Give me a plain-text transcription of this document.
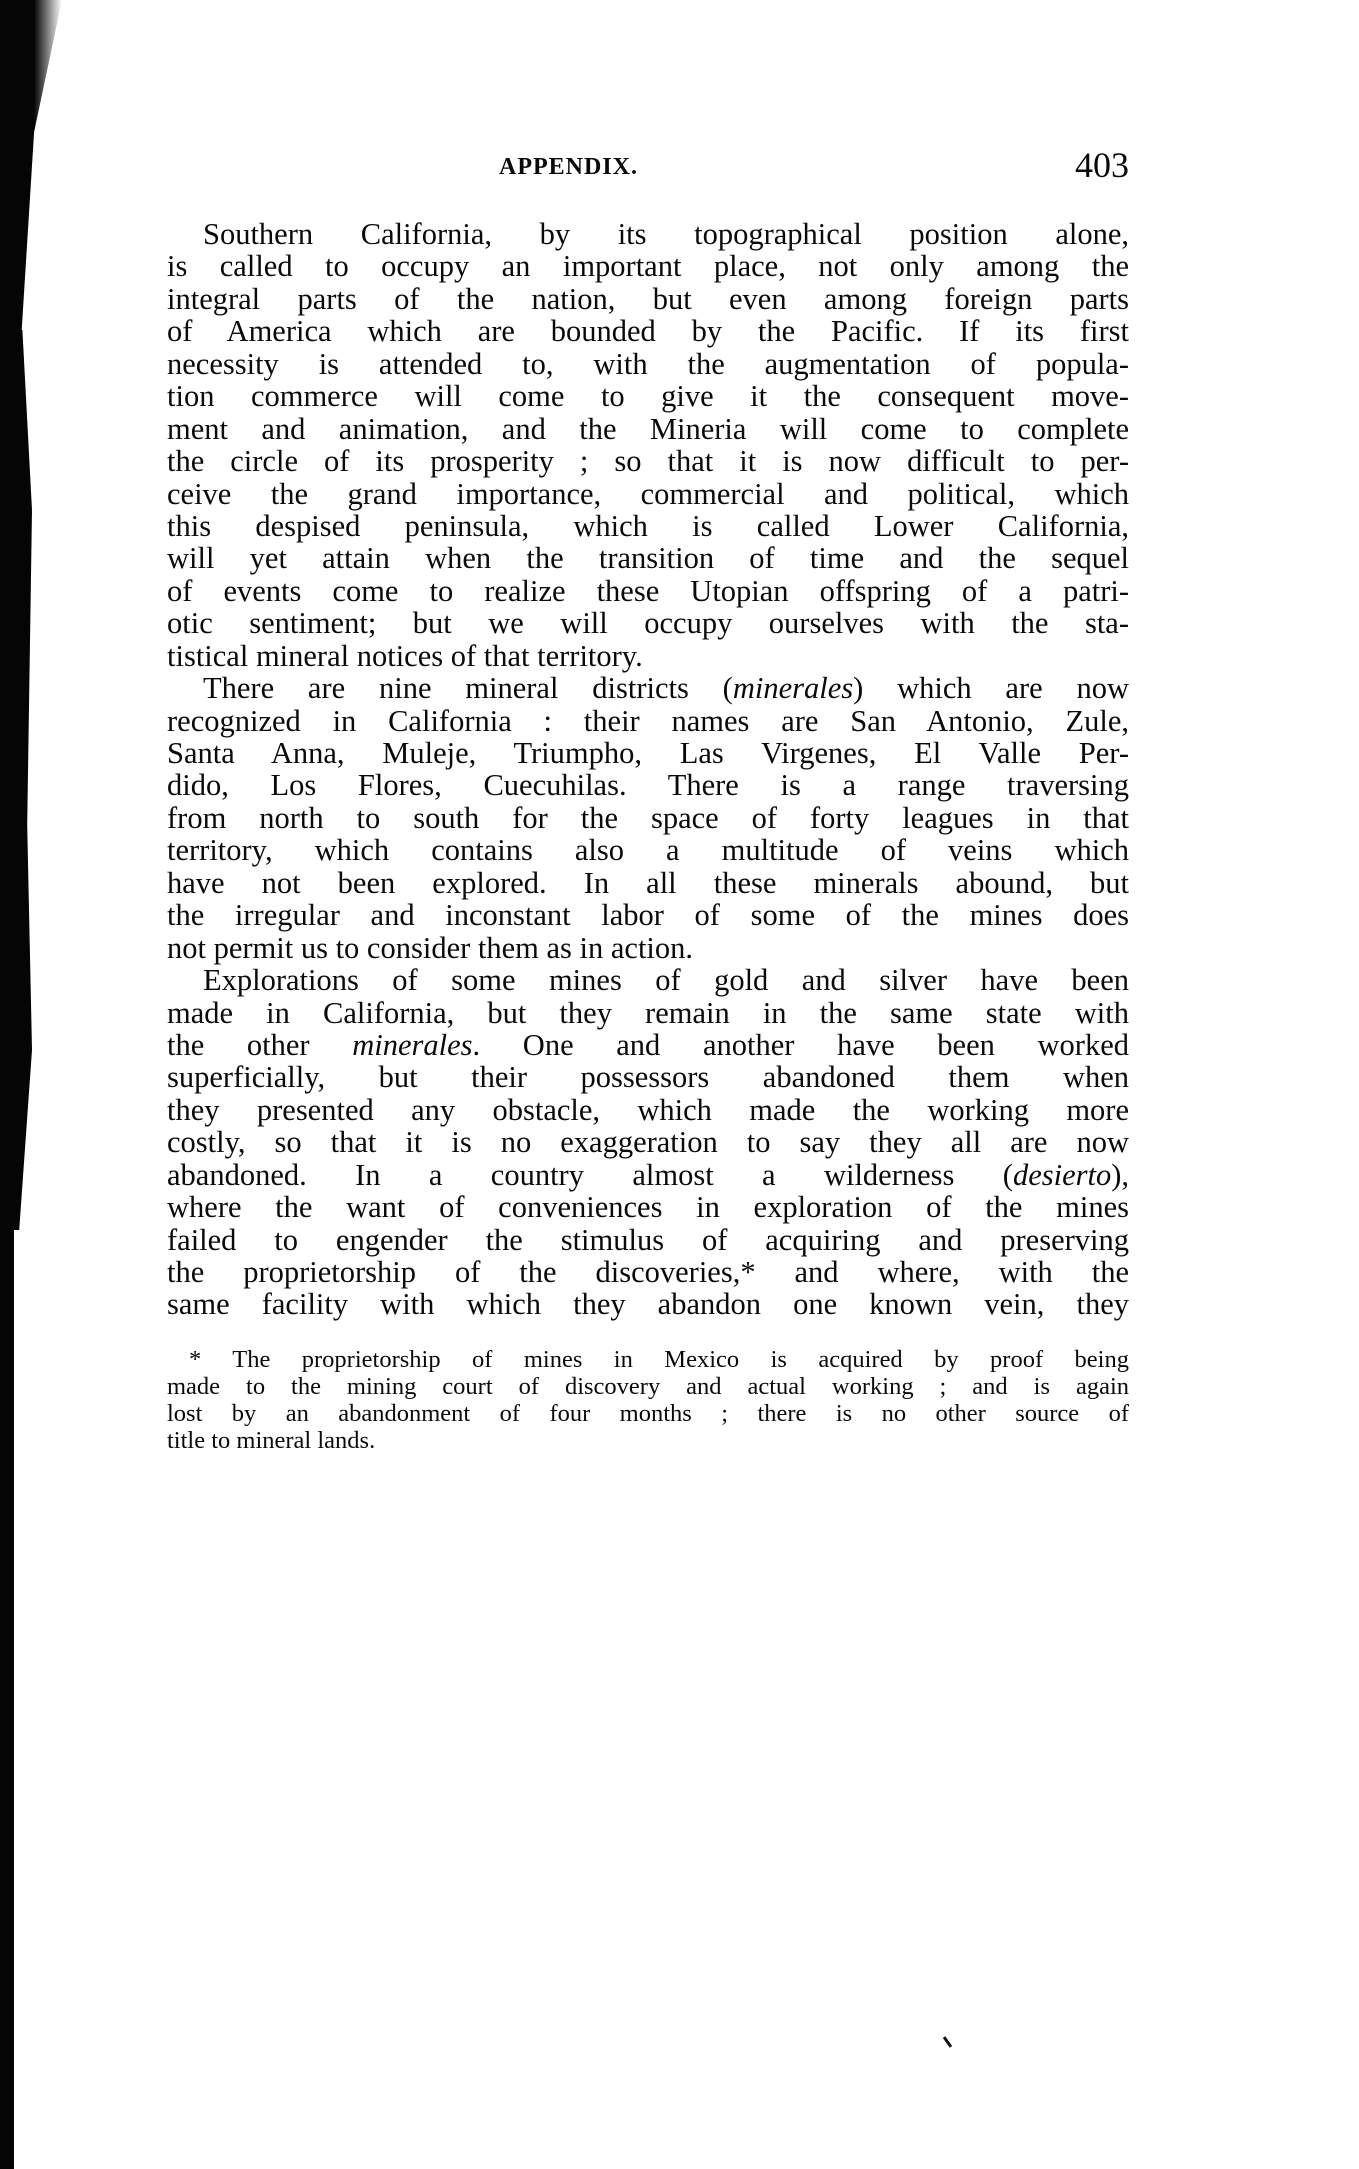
APPENDIX.	403
Southern California, by its topographical position alone,
is called to occupy an important place, not only among the
integral parts of the nation, but even among foreign parts
of America which are bounded by the Pacific. If its first
necessity is attended to, with the augmentation of popula-
tion commerce will come to give it the consequent move-
ment and animation, and the Mineria will come to complete
the circle of its prosperity ; so that it is now difficult to per-
ceive the grand importance, commercial and political, which
this despised peninsula, which is called Lower California,
will yet attain when the transition of time and the sequel
of events come to realize these Utopian offspring of a patri-
otic sentiment; but we will occupy ourselves with the sta-
tistical mineral notices of that territory.
There are nine mineral districts (minerales) which are now
recognized in California : their names are San Antonio, Zule,
Santa Anna, Muleje, Triumpho, Las Virgenes, El Valle Per-
dido, Los Flores, Cuecuhilas. There is a range traversing
from north to south for the space of forty leagues in that
territory, which contains also a multitude of veins which
have not been explored. In all these minerals abound, but
the irregular and inconstant labor of some of the mines does
not permit us to consider them as in action.
Explorations of some mines of gold and silver have been
made in California, but they remain in the same state with
the other minerales. One and another have been worked
superficially, but their possessors abandoned them when
they presented any obstacle, which made the working more
costly, so that it is no exaggeration to say they all are now
abandoned. In a country almost a wilderness (desierto),
where the want of conveniences in exploration of the mines
failed to engender the stimulus of acquiring and preserving
the proprietorship of the discoveries,* and where, with the
same facility with which they abandon one known vein, they
* The proprietorship of mines in Mexico is acquired by proof being
made to the mining court of discovery and actual working ; and is again
lost by an abandonment of four months ; there is no other source of
title to mineral lands.
